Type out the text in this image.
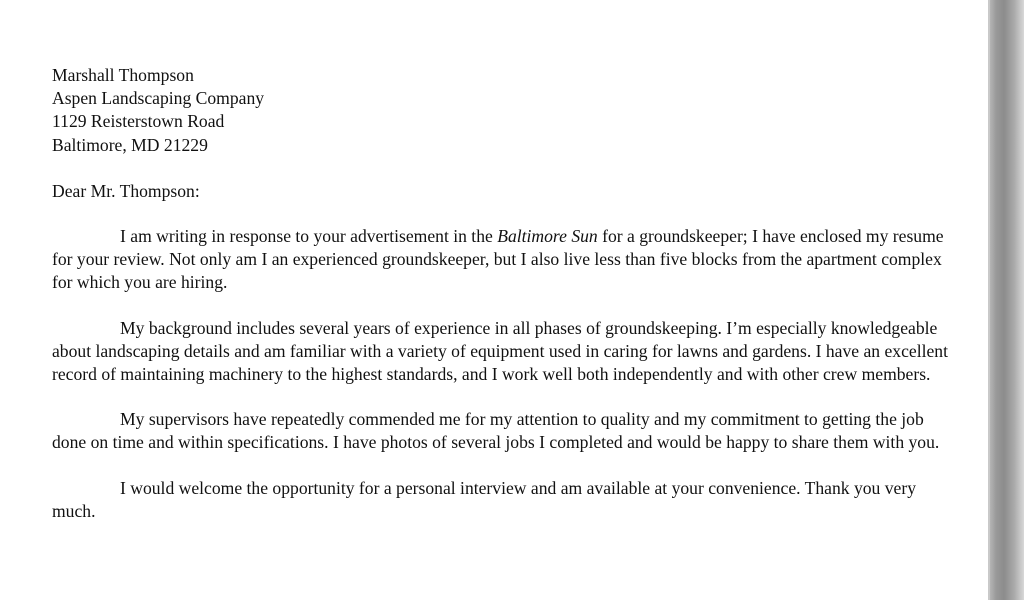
Marshall Thompson
Aspen Landscaping Company
1129 Reisterstown Road
Baltimore, MD 21229
Dear Mr. Thompson:
I am writing in response to your advertisement in the Baltimore Sun for a groundskeeper; I have enclosed my resume for your review. Not only am I an experienced groundskeeper, but I also live less than five blocks from the apartment complex for which you are hiring.
My background includes several years of experience in all phases of groundskeeping. I’m especially knowledgeable about landscaping details and am familiar with a variety of equipment used in caring for lawns and gardens. I have an excellent record of maintaining machinery to the highest standards, and I work well both independently and with other crew members.
My supervisors have repeatedly commended me for my attention to quality and my commitment to getting the job done on time and within specifications. I have photos of several jobs I completed and would be happy to share them with you.
I would welcome the opportunity for a personal interview and am available at your convenience. Thank you very much.
